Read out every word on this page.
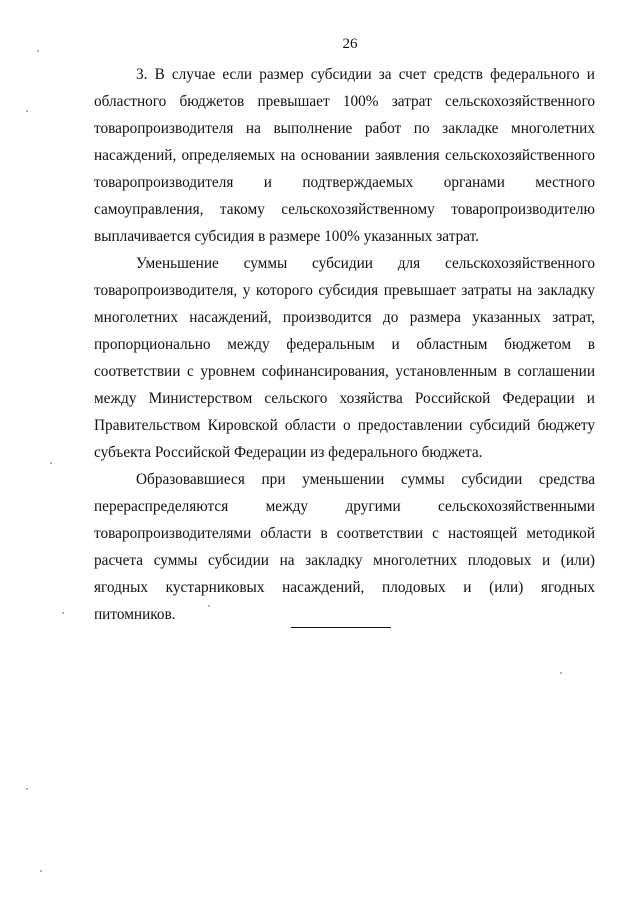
26

3. В случае если размер субсидии за счет средств федерального и областного бюджетов превышает 100% затрат сельскохозяйственного товаропроизводителя на выполнение работ по закладке многолетних насаждений, определяемых на основании заявления сельскохозяйственного товаропроизводителя и подтверждаемых органами местного самоуправления, такому сельскохозяйственному товаропроизводителю выплачивается субсидия в размере 100% указанных затрат.

Уменьшение суммы субсидии для сельскохозяйственного товаропроизводителя, у которого субсидия превышает затраты на закладку многолетних насаждений, производится до размера указанных затрат, пропорционально между федеральным и областным бюджетом в соответствии с уровнем софинансирования, установленным в соглашении между Министерством сельского хозяйства Российской Федерации и Правительством Кировской области о предоставлении субсидий бюджету субъекта Российской Федерации из федерального бюджета.

Образовавшиеся при уменьшении суммы субсидии средства перераспределяются между другими сельскохозяйственными товаропроизводителями области в соответствии с настоящей методикой расчета суммы субсидии на закладку многолетних плодовых и (или) ягодных кустарниковых насаждений, плодовых и (или) ягодных питомников.
